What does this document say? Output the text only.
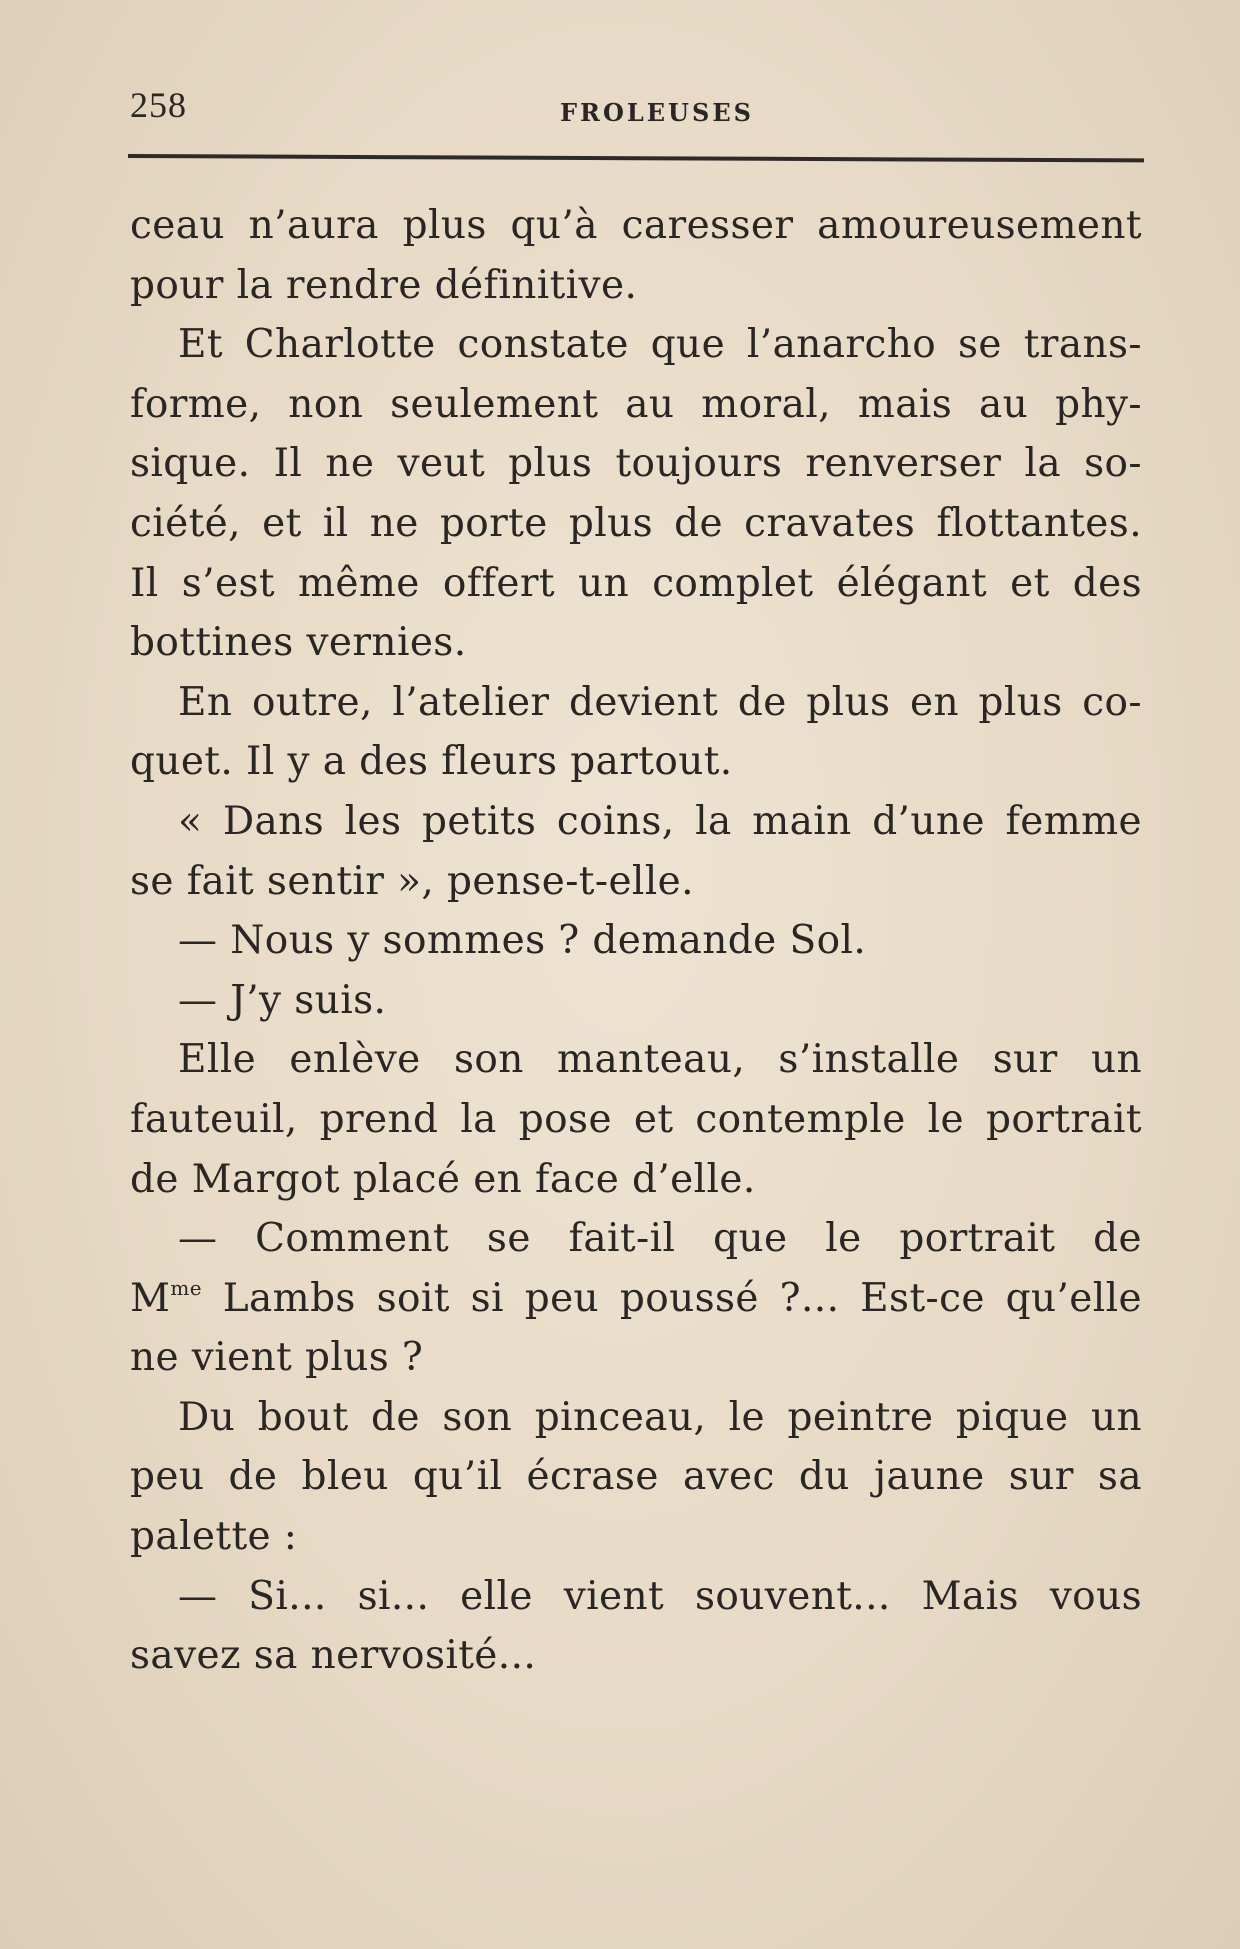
258	FROLEUSES
ceau n’aura plus qu’à caresser amoureusement
pour la rendre définitive.
Et Charlotte constate que l’anarcho se trans-
forme, non seulement au moral, mais au phy-
sique. Il ne veut plus toujours renverser la so-
ciété, et il ne porte plus de cravates flottantes.
Il s’est même offert un complet élégant et des
bottines vernies.
En outre, l’atelier devient de plus en plus co-
quet. Il y a des fleurs partout.
« Dans les petits coins, la main d’une femme
se fait sentir », pense-t-elle.
— Nous y sommes ? demande Sol.
— J’y suis.
Elle enlève son manteau, s’installe sur un
fauteuil, prend la pose et contemple le portrait
de Margot placé en face d’elle.
— Comment se fait-il que le portrait de
$M^{me}$ Lambs soit si peu poussé ?... Est-ce qu’elle
ne vient plus ?
Du bout de son pinceau, le peintre pique un
peu de bleu qu’il écrase avec du jaune sur sa
palette :
— Si... si... elle vient souvent... Mais vous
savez sa nervosité...
